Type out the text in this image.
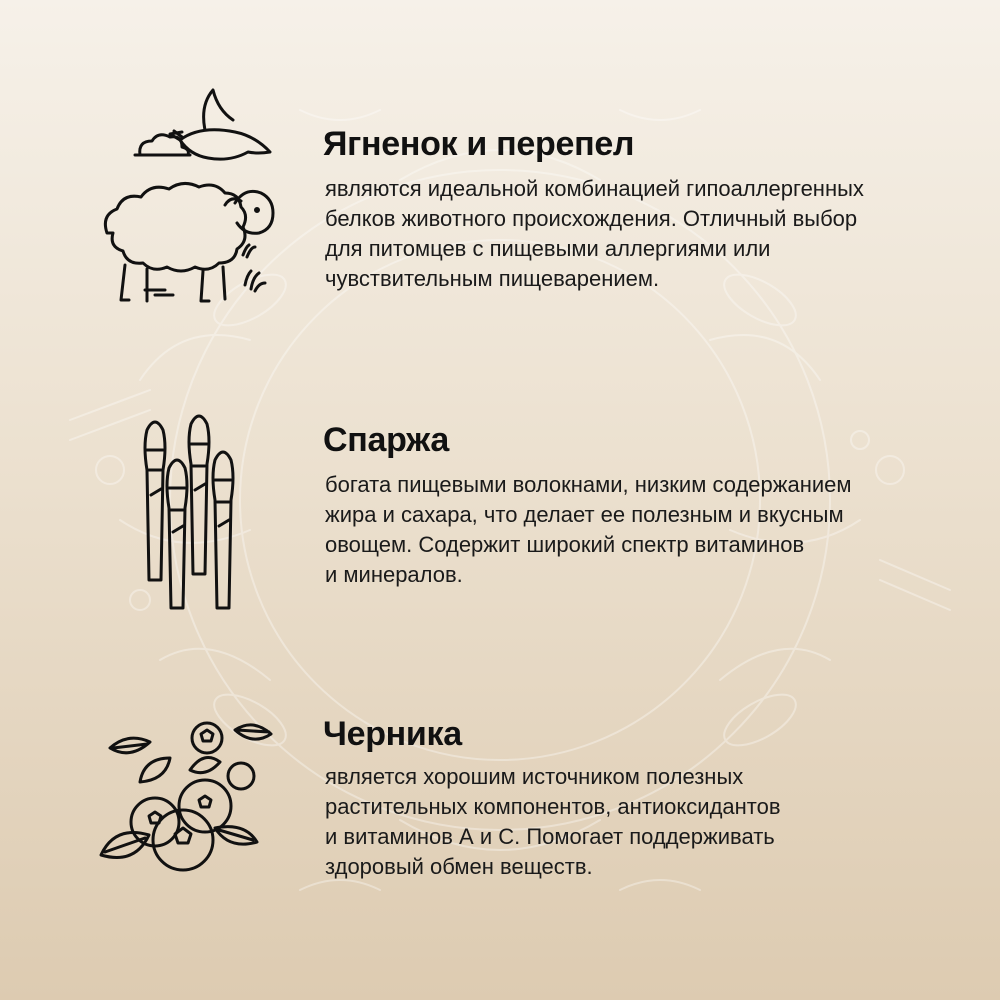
Ягненок и перепел

являются идеальной комбинацией гипоаллергенных
белков животного происхождения. Отличный выбор
для питомцев с пищевыми аллергиями или
чувствительным пищеварением.

Спаржа

богата пищевыми волокнами, низким содержанием
жира и сахара, что делает ее полезным и вкусным
овощем. Содержит широкий спектр витаминов
и минералов.

Черника

является хорошим источником полезных
растительных компонентов, антиоксидантов
и витаминов А и С. Помогает поддерживать
здоровый обмен веществ.
